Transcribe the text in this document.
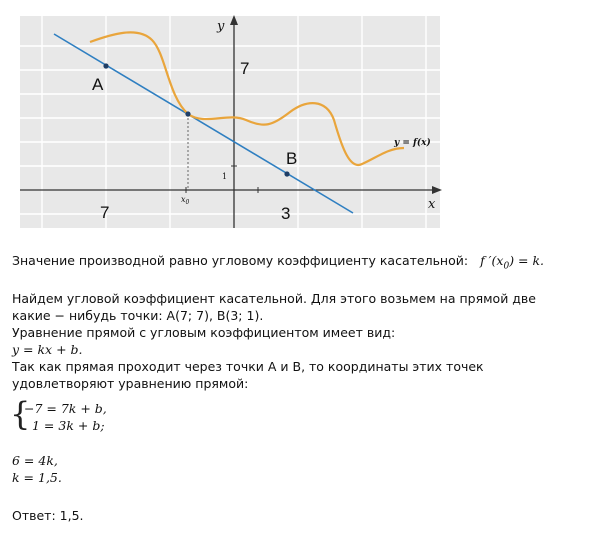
A
B
7
7	3
1
y
x
$x_0$
y = f(x)
Значение производной равно угловому коэффициенту касательной: f $'(x_0) = k$.
Найдем угловой коэффициент касательной. Для этого возьмем на прямой две
какие − нибудь точки: A(7; 7), B(3; 1).
Уравнение прямой с угловым коэффициентом имеет вид:
y = kx + b.
Так как прямая проходит через точки А и В, то координаты этих точек
удовлетворяют уравнению прямой:
{
−7 = 7k + b,
1 = 3k + b;
6 = 4k,
k = 1,5.
Ответ: 1,5.
